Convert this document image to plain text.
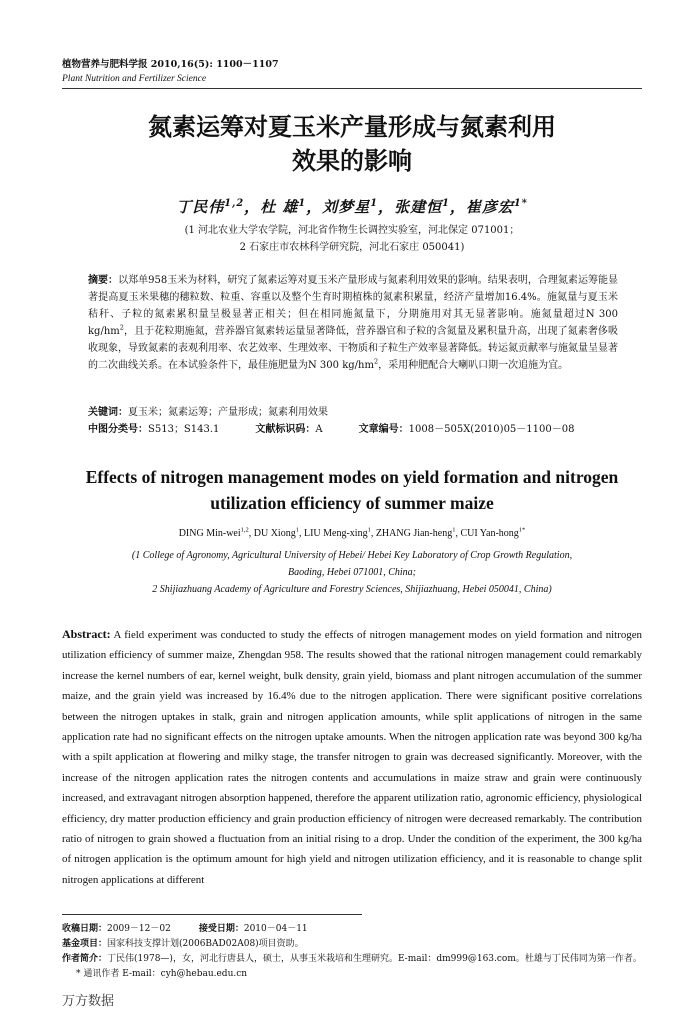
植物营养与肥料学报 2010,16(5): 1100－1107
Plant Nutrition and Fertilizer Science
氮素运筹对夏玉米产量形成与氮素利用
效果的影响
丁民伟$^{1,2}$，杜 雄$^1$，刘梦星$^1$，张建恒$^1$，崔彦宏$^{1*}$
(1 河北农业大学农学院，河北省作物生长调控实验室，河北保定 071001；
2 石家庄市农林科学研究院，河北石家庄 050041)
摘要：以郑单958玉米为材料，研究了氮素运筹对夏玉米产量形成与氮素利用效果的影响。结果表明，合理氮素运筹能显著提高夏玉米果穗的穗粒数、粒重、容重以及整个生育时期植株的氮素积累量，经济产量增加16.4%。施氮量与夏玉米秸秆、子粒的氮素累积量呈极显著正相关；但在相同施氮量下，分期施用对其无显著影响。施氮量超过N 300 $kg/hm^2$，且于花粒期施氮，营养器官氮素转运量显著降低，营养器官和子粒的含氮量及累积量升高，出现了氮素奢侈吸收现象，导致氮素的表观利用率、农艺效率、生理效率、干物质和子粒生产效率显著降低。转运氮贡献率与施氮量呈显著的二次曲线关系。在本试验条件下，最佳施肥量为N 300 $kg/hm^2$，采用种肥配合大喇叭口期一次追施为宜。
关键词：夏玉米；氮素运筹；产量形成；氮素利用效果
中图分类号：S513；S143.1	文献标识码：A	文章编号：1008－505X(2010)05－1100－08
Effects of nitrogen management modes on yield formation and nitrogen
utilization efficiency of summer maize
DING Min-wei$^{1,2}$, DU Xiong$^1$, LIU Meng-xing$^1$, ZHANG Jian-heng$^1$, CUI Yan-hong$^{1*}$
(1 College of Agronomy, Agricultural University of Hebei/ Hebei Key Laboratory of Crop Growth Regulation,
Baoding, Hebei 071001, China;
2 Shijiazhuang Academy of Agriculture and Forestry Sciences, Shijiazhuang, Hebei 050041, China)
Abstract: A field experiment was conducted to study the effects of nitrogen management modes on yield formation and nitrogen utilization efficiency of summer maize, Zhengdan 958. The results showed that the rational nitrogen management could remarkably increase the kernel numbers of ear, kernel weight, bulk density, grain yield, biomass and plant nitrogen accumulation of the summer maize, and the grain yield was increased by 16.4% due to the nitrogen application. There were significant positive correlations between the nitrogen uptakes in stalk, grain and nitrogen application amounts, while split applications of nitrogen in the same application rate had no significant effects on the nitrogen uptake amounts. When the nitrogen application rate was beyond 300 kg/ha with a spilt application at flowering and milky stage, the transfer nitrogen to grain was decreased significantly. Moreover, with the increase of the nitrogen application rates the nitrogen contents and accumulations in maize straw and grain were continuously increased, and extravagant nitrogen absorption happened, therefore the apparent utilization ratio, agronomic efficiency, physiological efficiency, dry matter production efficiency and grain production efficiency of nitrogen were decreased remarkably. The contribution ratio of nitrogen to grain showed a fluctuation from an initial rising to a drop. Under the condition of the experiment, the 300 kg/ha of nitrogen application is the optimum amount for high yield and nitrogen utilization efficiency, and it is reasonable to change split nitrogen applications at different
收稿日期：2009－12－02	接受日期：2010－04－11
基金项目：国家科技支撑计划(2006BAD02A08)项目资助。
作者简介：丁民伟(1978—)，女，河北行唐县人，硕士，从事玉米栽培和生理研究。E-mail：dm999@163.com。杜雄与丁民伟同为第一作者。
* 通讯作者 E-mail：cyh@hebau.edu.cn
万方数据
